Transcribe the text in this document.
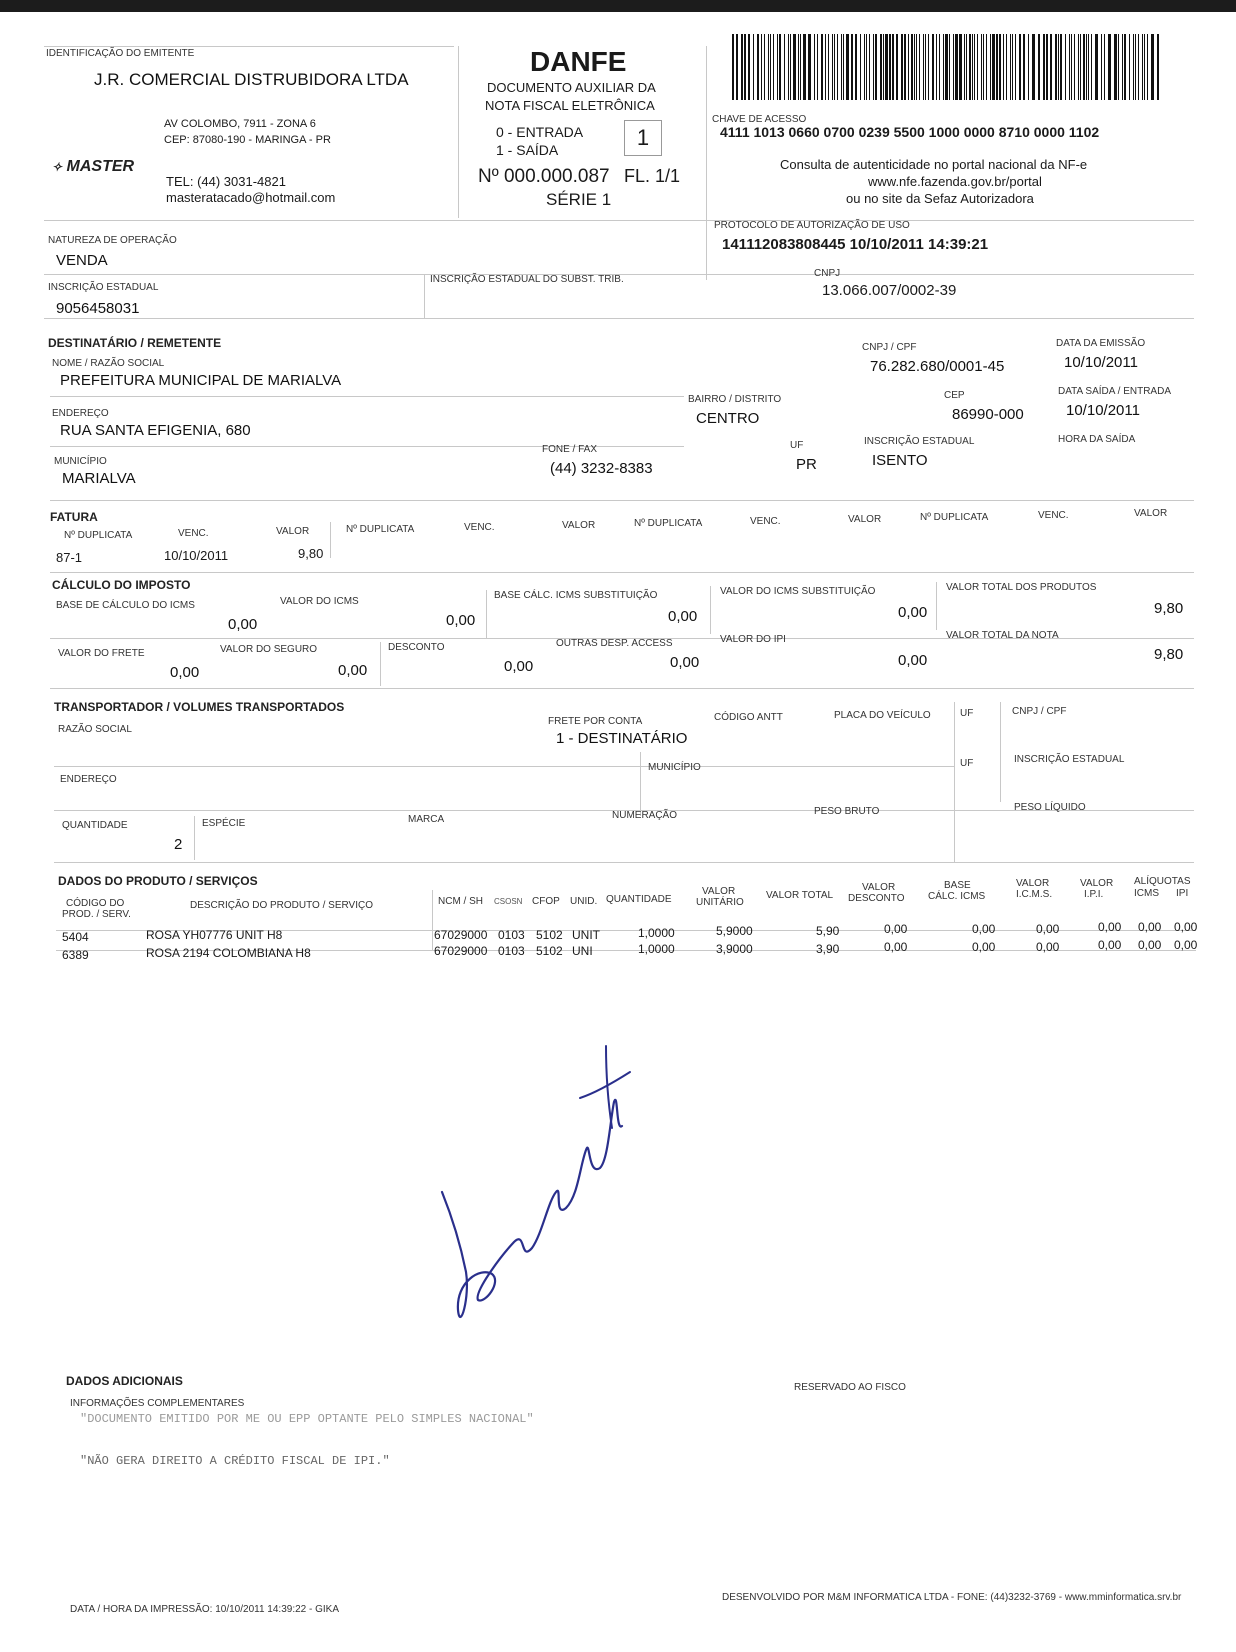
IDENTIFICAÇÃO DO EMITENTE
J.R. COMERCIAL DISTRUBIDORA LTDA
AV COLOMBO, 7911 - ZONA 6
CEP: 87080-190 - MARINGA - PR
✧ MASTER
TEL: (44) 3031-4821
masteratacado@hotmail.com
DANFE
DOCUMENTO AUXILIAR DA
NOTA FISCAL ELETRÔNICA
0 - ENTRADA
1 - SAÍDA	1
Nº 000.000.087 FL. 1/1
SÉRIE 1
CHAVE DE ACESSO
4111 1013 0660 0700 0239 5500 1000 0000 8710 0000 1102
Consulta de autenticidade no portal nacional da NF-e
www.nfe.fazenda.gov.br/portal
ou no site da Sefaz Autorizadora
NATUREZA DE OPERAÇÃO
VENDA
PROTOCOLO DE AUTORIZAÇÃO DE USO
141112083808445 10/10/2011 14:39:21
INSCRIÇÃO ESTADUAL
9056458031
INSCRIÇÃO ESTADUAL DO SUBST. TRIB.
CNPJ
13.066.007/0002-39
DESTINATÁRIO / REMETENTE
NOME / RAZÃO SOCIAL
PREFEITURA MUNICIPAL DE MARIALVA
CNPJ / CPF
76.282.680/0001-45
DATA DA EMISSÃO
10/10/2011
ENDEREÇO
RUA SANTA EFIGENIA, 680
BAIRRO / DISTRITO
CENTRO
CEP
86990-000
DATA SAÍDA / ENTRADA
10/10/2011
MUNICÍPIO
MARIALVA
FONE / FAX
(44) 3232-8383
UF
PR
INSCRIÇÃO ESTADUAL
ISENTO
HORA DA SAÍDA
FATURA
Nº DUPLICATA	VENC.	VALOR	Nº DUPLICATA	VENC.	VALOR	Nº DUPLICATA	VENC.	VALOR	Nº DUPLICATA	VENC.	VALOR
87-1	10/10/2011	9,80
CÁLCULO DO IMPOSTO
BASE DE CÁLCULO DO ICMS
0,00
VALOR DO ICMS
0,00
BASE CÁLC. ICMS SUBSTITUIÇÃO
0,00
VALOR DO ICMS SUBSTITUIÇÃO
0,00
VALOR TOTAL DOS PRODUTOS
9,80
VALOR DO FRETE
0,00
VALOR DO SEGURO
0,00
DESCONTO
0,00
OUTRAS DESP. ACCESS
0,00
VALOR DO IPI
0,00
VALOR TOTAL DA NOTA
9,80
TRANSPORTADOR / VOLUMES TRANSPORTADOS
RAZÃO SOCIAL
FRETE POR CONTA
1 - DESTINATÁRIO
CÓDIGO ANTT	PLACA DO VEÍCULO	UF	CNPJ / CPF
ENDEREÇO
MUNICÍPIO	UF	INSCRIÇÃO ESTADUAL
QUANTIDADE
2
ESPÉCIE	MARCA	NUMERAÇÃO	PESO BRUTO	PESO LÍQUIDO
DADOS DO PRODUTO / SERVIÇOS
CÓDIGO DO
PROD. / SERV.
DESCRIÇÃO DO PRODUTO / SERVIÇO	NCM / SH CSOSN CFOP UNID. QUANTIDADE
VALOR
UNITÁRIO
VALOR TOTAL
VALOR
DESCONTO
BASE
CÁLC. ICMS
VALOR
I.C.M.S.
VALOR
I.P.I.
ALÍQUOTAS
ICMS IPI
5404	ROSA YH07776 UNIT H8	67029000 0103 5102 UNIT	1,0000	5,9000	5,90	0,00	0,00	0,00	0,00 0,00 0,00
6389	ROSA 2194 COLOMBIANA H8	67029000 0103 5102 UNI	1,0000	3,9000	3,90	0,00	0,00	0,00	0,00 0,00 0,00
DADOS ADICIONAIS
INFORMAÇÕES COMPLEMENTARES
"DOCUMENTO EMITIDO POR ME OU EPP OPTANTE PELO SIMPLES NACIONAL"
"NÃO GERA DIREITO A CRÉDITO FISCAL DE IPI."
RESERVADO AO FISCO
DATA / HORA DA IMPRESSÃO: 10/10/2011 14:39:22 - GIKA
DESENVOLVIDO POR M&M INFORMATICA LTDA - FONE: (44)3232-3769 - www.mminformatica.srv.br
